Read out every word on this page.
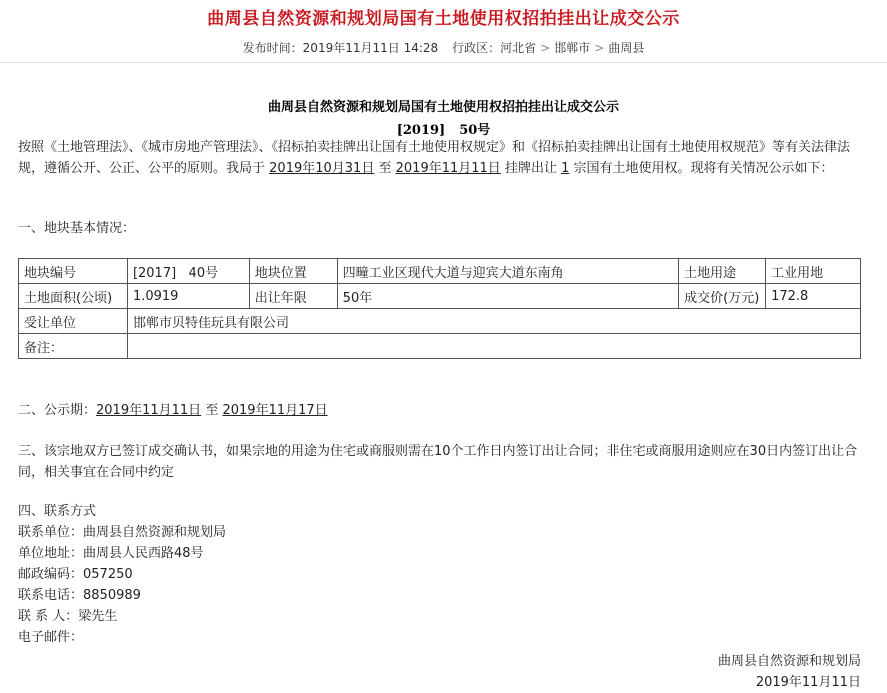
曲周县自然资源和规划局国有土地使用权招拍挂出让成交公示
发布时间：2019年11月11日 14:28 行政区：河北省 > 邯郸市 > 曲周县
曲周县自然资源和规划局国有土地使用权招拍挂出让成交公示
[2019] 50号
按照《土地管理法》、《城市房地产管理法》、《招标拍卖挂牌出让国有土地使用权规定》和《招标拍卖挂牌出让国有土地使用权规范》等有关法律法规，遵循公开、公正、公平的原则。我局于 2019年10月31日 至 2019年11月11日 挂牌出让 1 宗国有土地使用权。现将有关情况公示如下：
一、地块基本情况：
地块编号	[2017]   40号	地块位置	四疃工业区现代大道与迎宾大道东南角	土地用途	工业用地
土地面积(公顷)	1.0919	出让年限	50年	成交价(万元)	172.8
受让单位	邯郸市贝特佳玩具有限公司				
备注：					
二、公示期：2019年11月11日 至 2019年11月17日
三、该宗地双方已签订成交确认书，如果宗地的用途为住宅或商服则需在10个工作日内签订出让合同；非住宅或商服用途则应在30日内签订出让合同，相关事宜在合同中约定
四、联系方式
联系单位：曲周县自然资源和规划局
单位地址：曲周县人民西路48号
邮政编码：057250
联系电话：8850989
联 系 人：梁先生
电子邮件：
曲周县自然资源和规划局
2019年11月11日
